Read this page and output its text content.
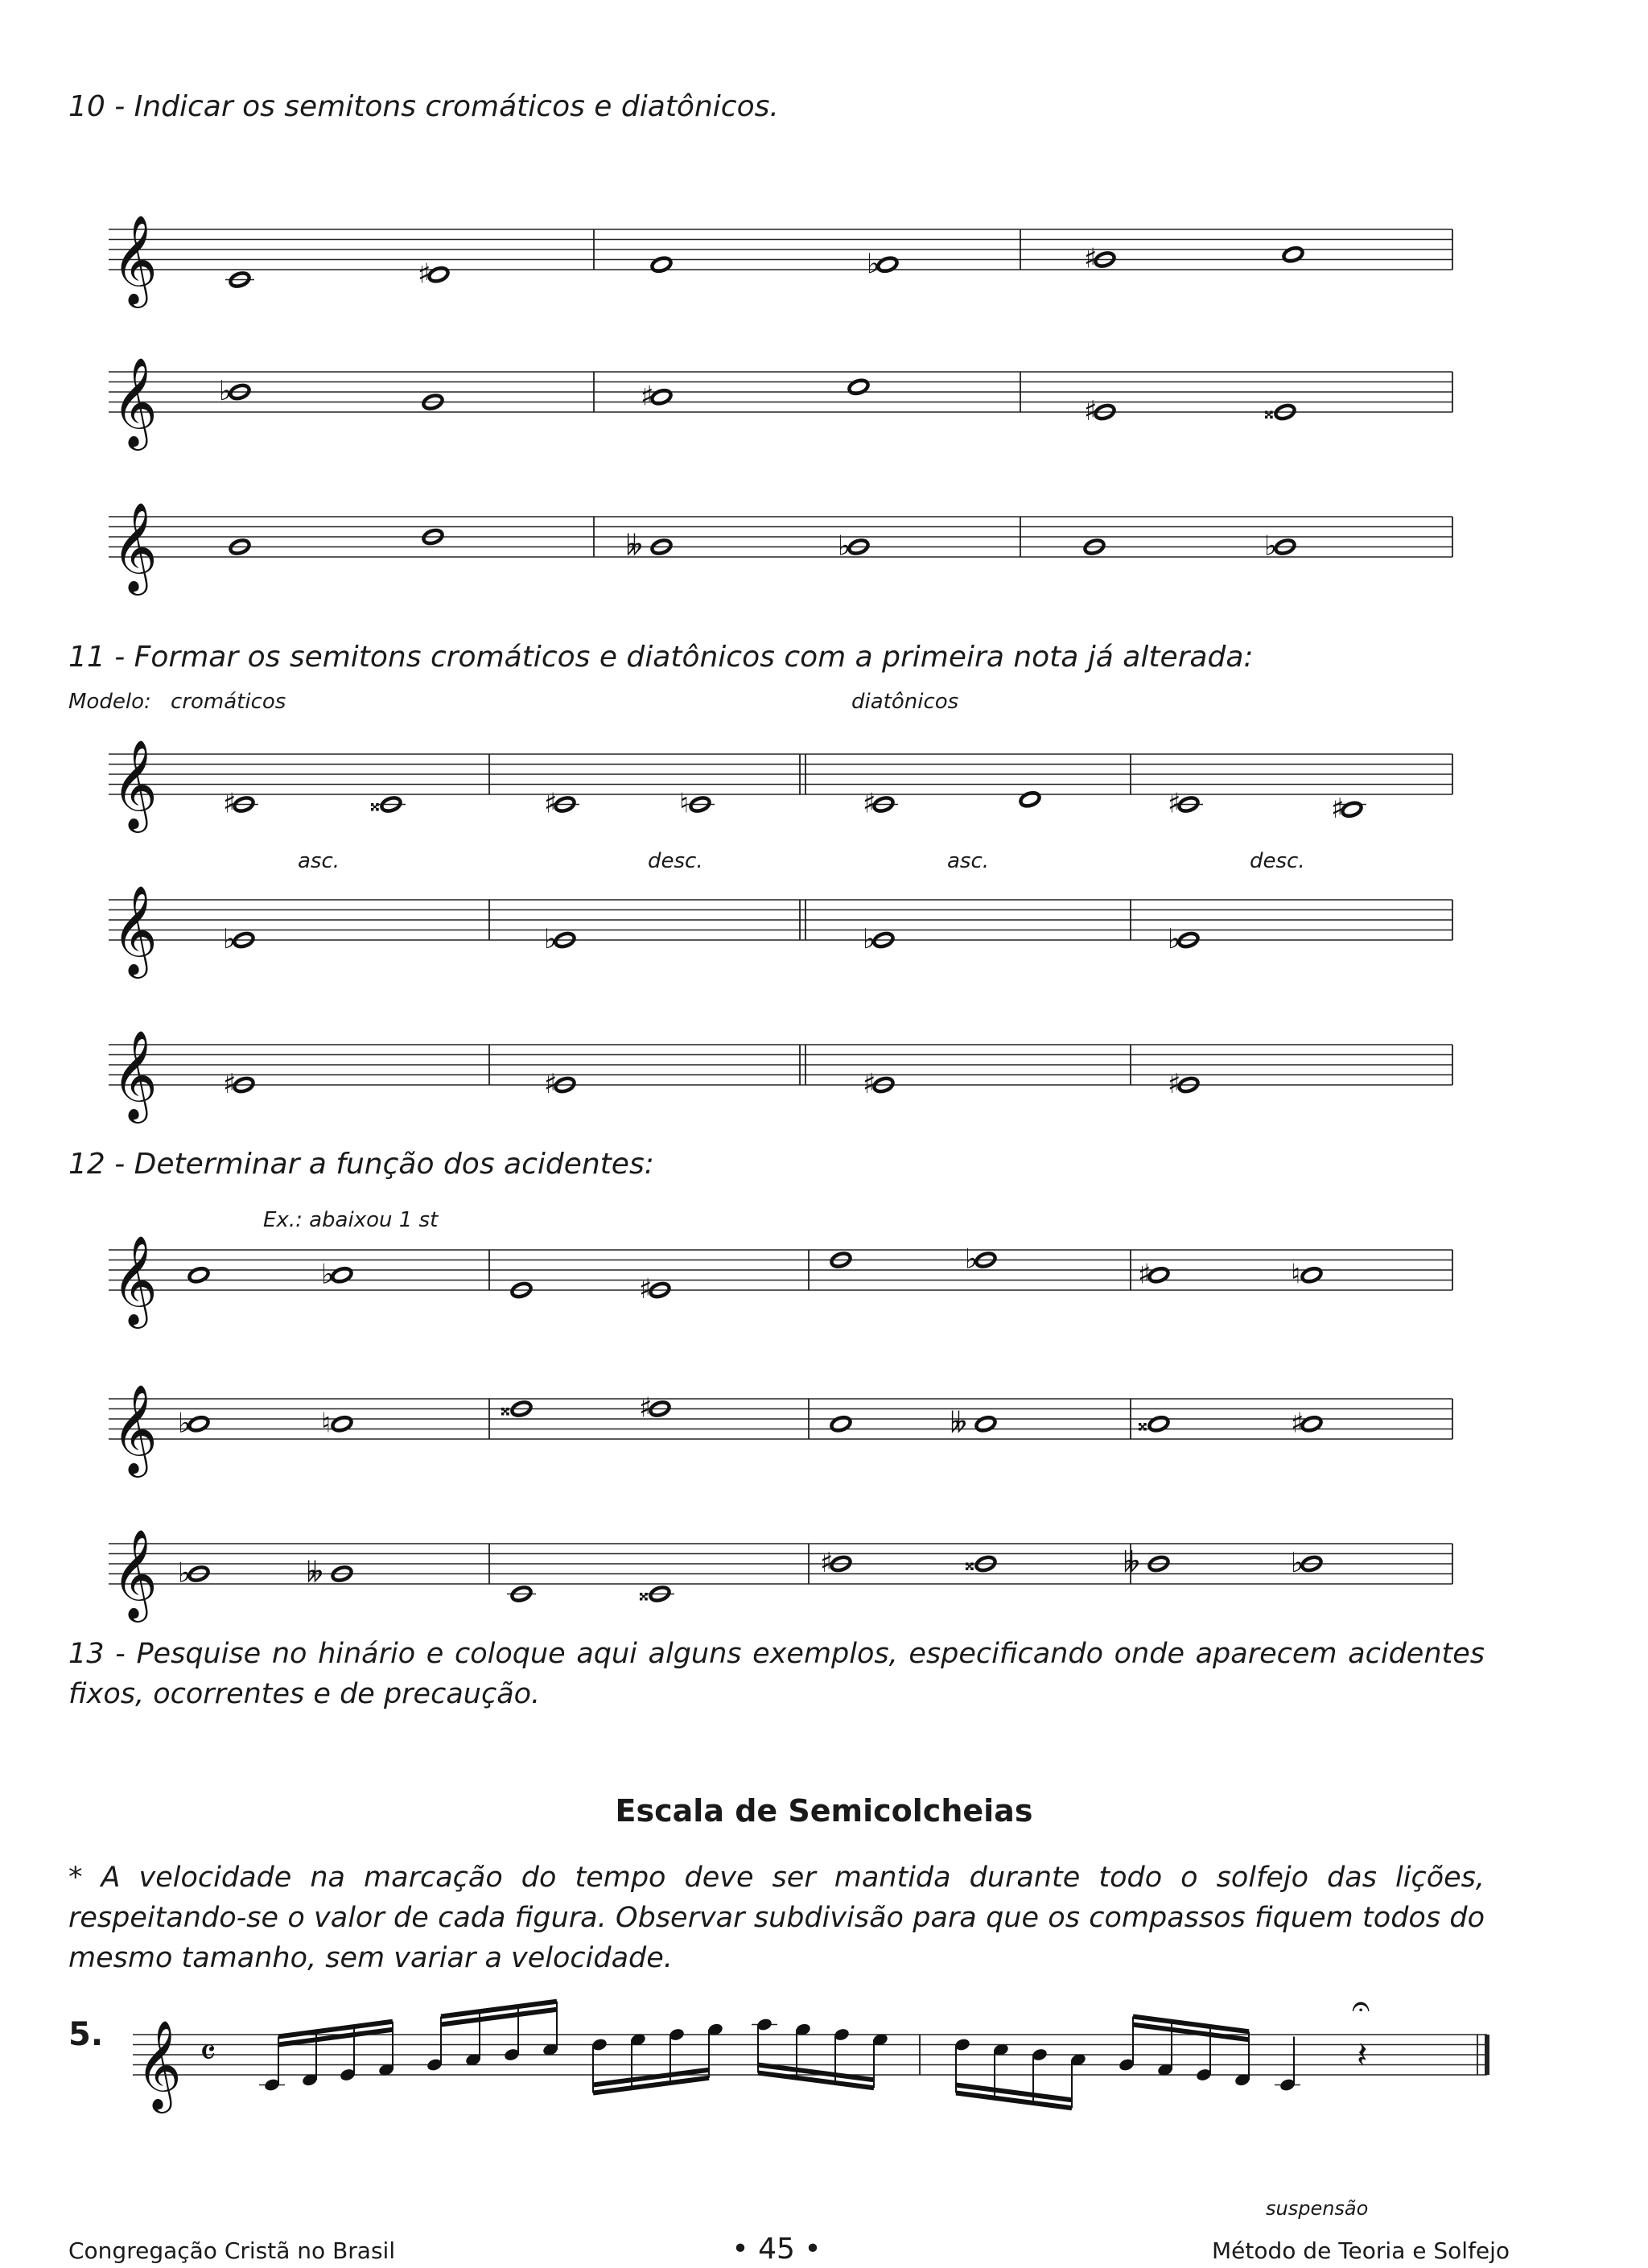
10 - Indicar os semitons cromáticos e diatônicos.
11 - Formar os semitons cromáticos e diatônicos com a primeira nota já alterada:
Modelo: cromáticos	diatônicos
asc.	desc.	asc.	desc.
12 - Determinar a função dos acidentes:
Ex.: abaixou 1 st
13 - Pesquise no hinário e coloque aqui alguns exemplos, especificando onde aparecem acidentes fixos, ocorrentes e de precaução.
Escala de Semicolcheias
* A velocidade na marcação do tempo deve ser mantida durante todo o solfejo das lições, respeitando-se o valor de cada figura. Observar subdivisão para que os compassos fiquem todos do mesmo tamanho, sem variar a velocidade.
5.
suspensão
Congregação Cristã no Brasil	• 45 •	Método de Teoria e Solfejo
𝄞	♯	♭	♯
𝄞 ♭	♯	♯	𝄪
𝄞	𝄫	♭	♭
𝄞 ♯	𝄪	♯	♮	♯	♯	♯
𝄞 ♭	♭	♭	♭
𝄞 ♯	♯	♯	♯
𝄞	♭	♯
♭	♯	♮
𝄞 ♭	♮	𝄪	♯	𝄫	𝄪	♯
𝄞 ♭	𝄫
𝄪
♯	𝄪	𝄫	♭
𝄞 𝄴	𝄽
𝄐
